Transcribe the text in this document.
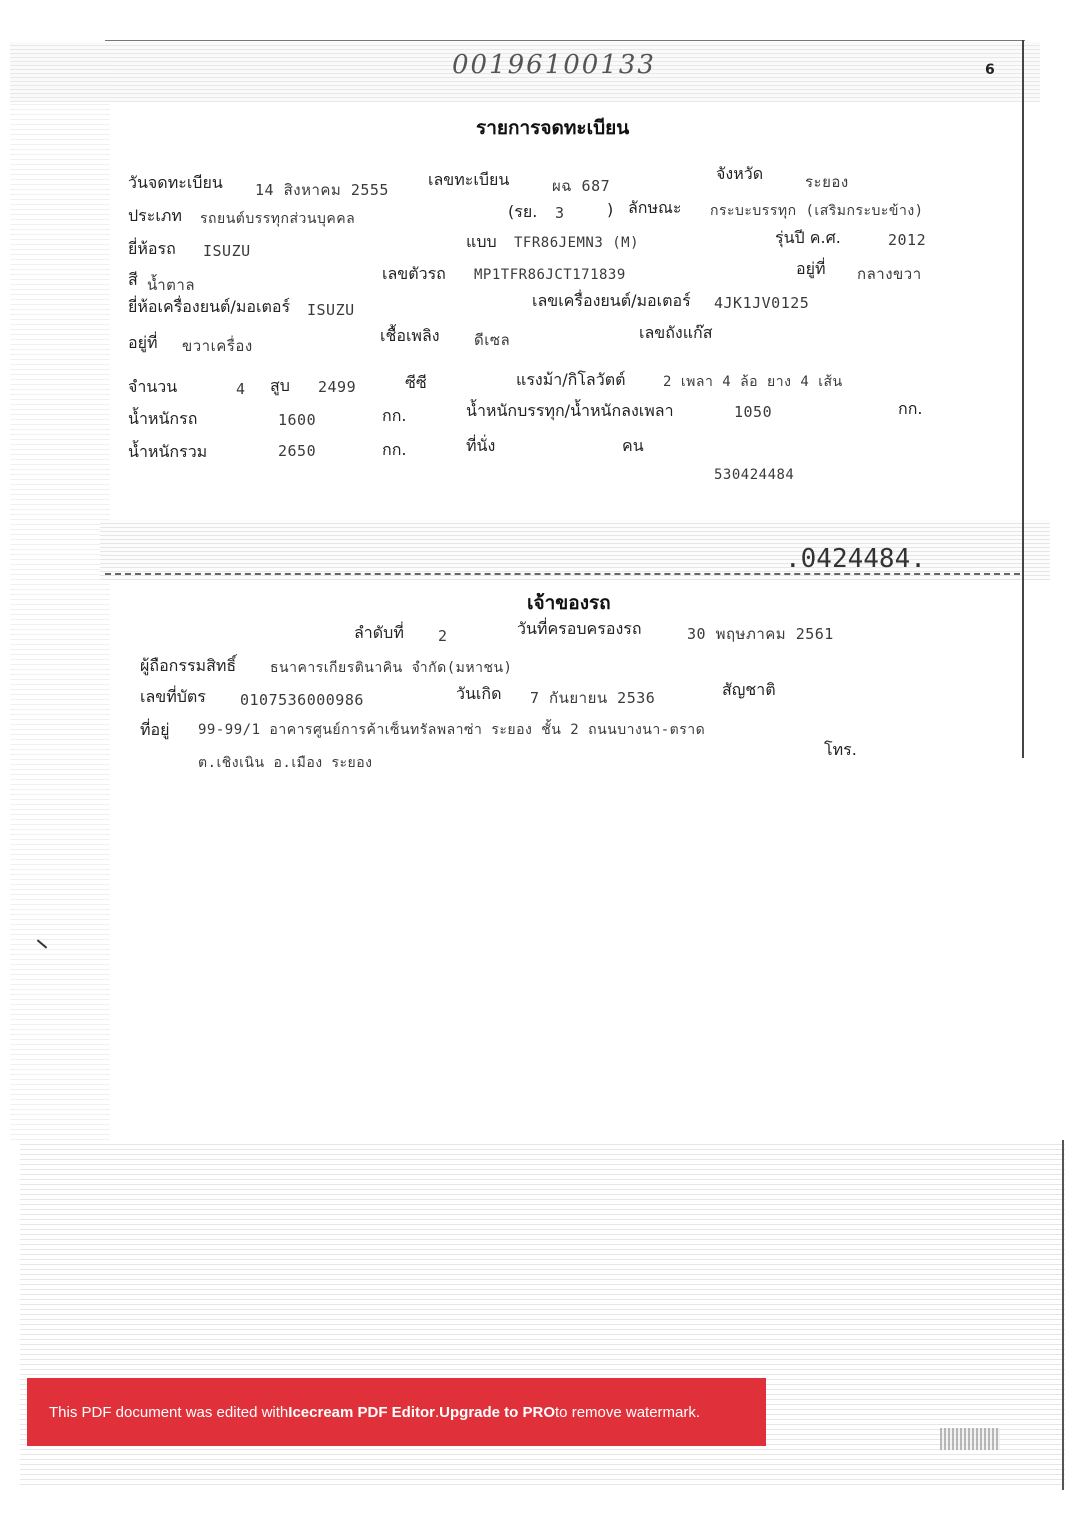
00196100133	6
รายการจดทะเบียน
วันจดทะเบียน 14 สิงหาคม 2555
เลขทะเบียน	ผฉ 687
จังหวัด	ระยอง
ประเภท รถยนต์บรรทุกส่วนบุคคล	(รย. 3	) ลักษณะ กระบะบรรทุก (เสริมกระบะข้าง)
ยี่ห้อรถ ISUZU	แบบ TFR86JEMN3 (M)	รุ่นปี ค.ศ.	2012
สี น้ำตาล
เลขตัวรถ MP1TFR86JCT171839	อยู่ที่ กลางขวา
ยี่ห้อเครื่องยนต์/มอเตอร์ ISUZU	เลขเครื่องยนต์/มอเตอร์ 4JK1JV0125
อยู่ที่ ขวาเครื่อง
เชื้อเพลิง ดีเซล	เลขถังแก๊ส
จำนวน	4 สูบ 2499	ซีซี	แรงม้า/กิโลวัตต์	2 เพลา 4 ล้อ ยาง 4 เส้น
น้ำหนักรถ	1600	กก.	น้ำหนักบรรทุก/น้ำหนักลงเพลา	1050	กก.
น้ำหนักรวม	2650	กก.	ที่นั่ง	คน
530424484
.0424484.
เจ้าของรถ
ลำดับที่ 2	วันที่ครอบครองรถ	30 พฤษภาคม 2561
ผู้ถือกรรมสิทธิ์ ธนาคารเกียรตินาคิน จำกัด(มหาชน)
เลขที่บัตร 0107536000986	วันเกิด 7 กันยายน 2536	สัญชาติ
ที่อยู่ 99-99/1 อาคารศูนย์การค้าเซ็นทรัลพลาซ่า ระยอง ชั้น 2 ถนนบางนา-ตราด
โทร.
ต.เชิงเนิน อ.เมือง ระยอง
This PDF document was edited with Icecream PDF Editor . Upgrade to PRO to remove watermark.
